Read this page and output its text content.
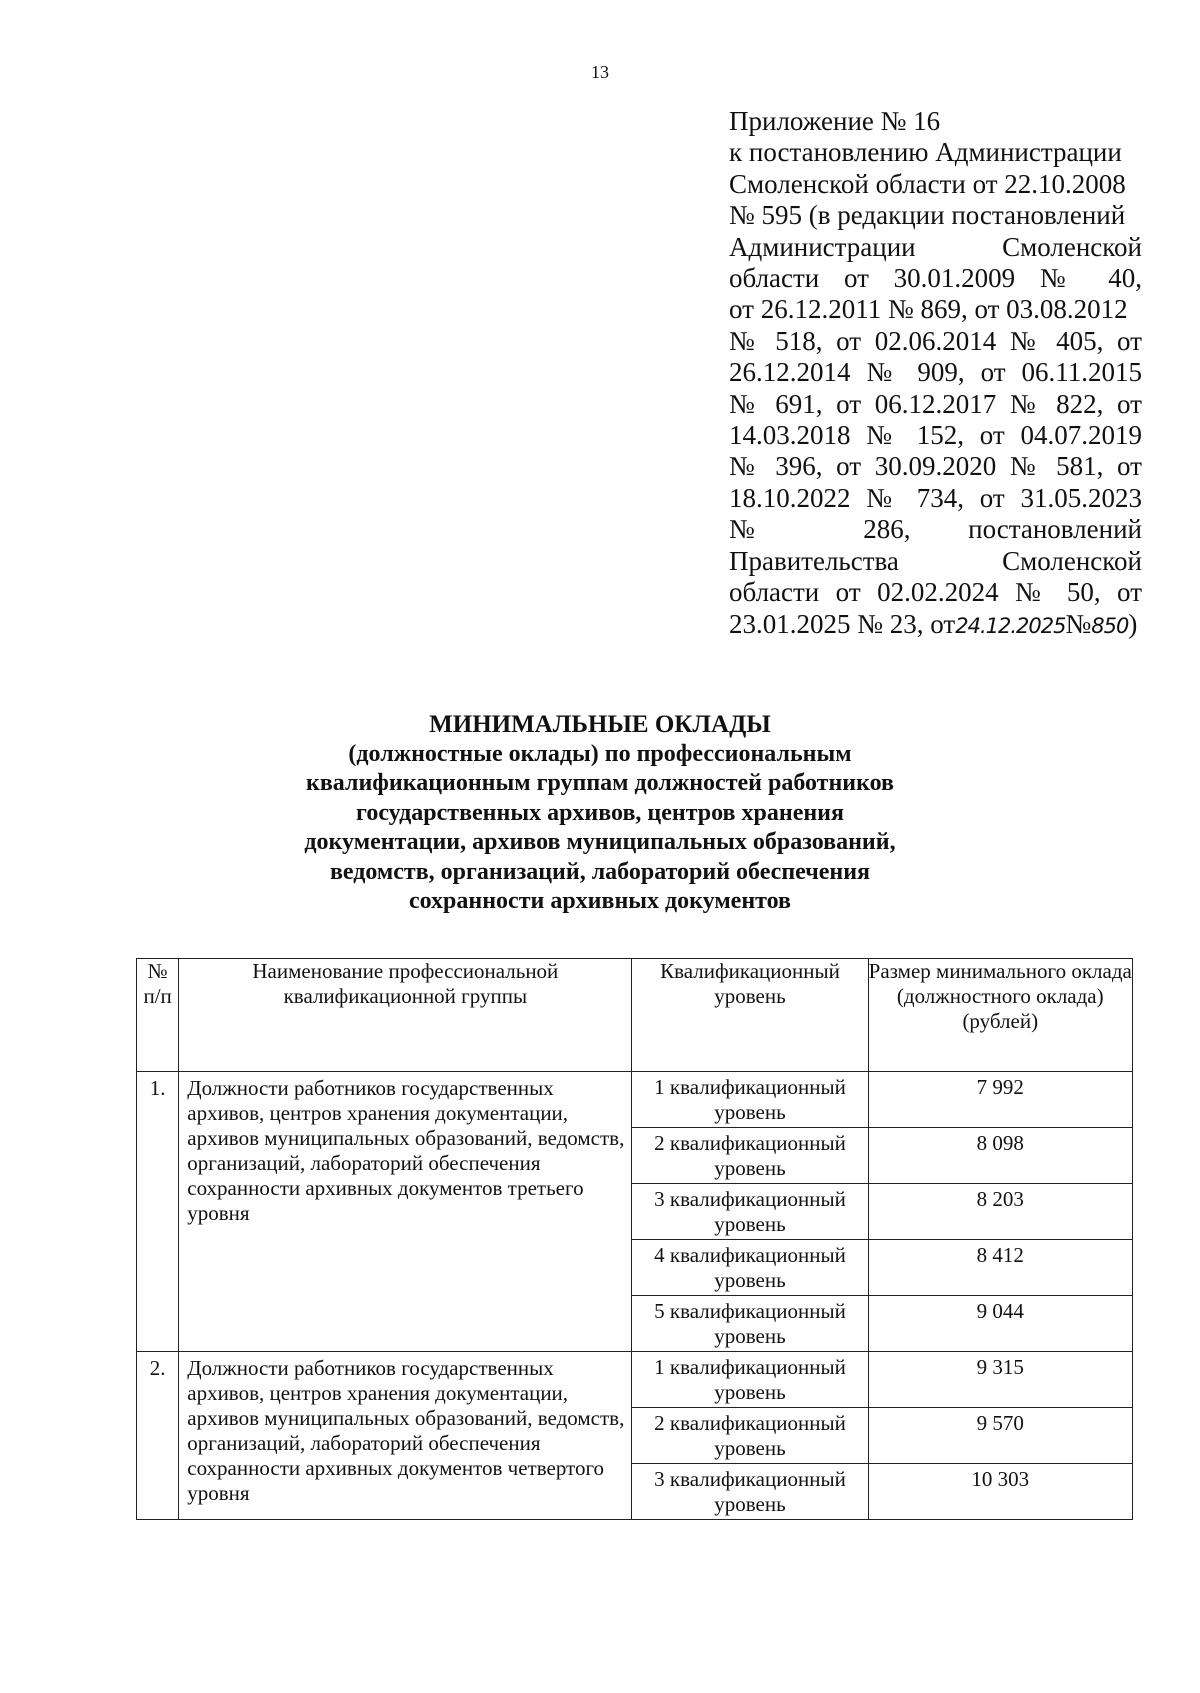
13
Приложение № 16
к постановлению Администрации
Смоленской области от 22.10.2008
№ 595 (в редакции постановлений
Администрации Смоленской
области от 30.01.2009 № 40,
от 26.12.2011 № 869, от 03.08.2012
№ 518, от 02.06.2014 № 405, от
26.12.2014 № 909, от 06.11.2015
№ 691, от 06.12.2017 № 822, от
14.03.2018 № 152, от 04.07.2019
№ 396, от 30.09.2020 № 581, от
18.10.2022 № 734, от 31.05.2023
№ 286, постановлений
Правительства Смоленской
области от 02.02.2024 № 50, от
23.01.2025 № 23, от24.12.2025№850)
МИНИМАЛЬНЫЕ ОКЛАДЫ
(должностные оклады) по профессиональным
квалификационным группам должностей работников
государственных архивов, центров хранения
документации, архивов муниципальных образований,
ведомств, организаций, лабораторий обеспечения
сохранности архивных документов
№ п/п	Наименование профессиональной квалификационной группы	Квалификационный уровень	Размер минимального оклада (должностного оклада) (рублей)
1.	Должности работников государственных архивов, центров хранения документации, архивов муниципальных образований, ведомств, организаций, лабораторий обеспечения сохранности архивных документов третьего уровня	1 квалификационный уровень	7 992
		2 квалификационный уровень	8 098
		3 квалификационный уровень	8 203
		4 квалификационный уровень	8 412
		5 квалификационный уровень	9 044
2.	Должности работников государственных архивов, центров хранения документации, архивов муниципальных образований, ведомств, организаций, лабораторий обеспечения сохранности архивных документов четвертого уровня	1 квалификационный уровень	9 315
		2 квалификационный уровень	9 570
		3 квалификационный уровень	10 303
